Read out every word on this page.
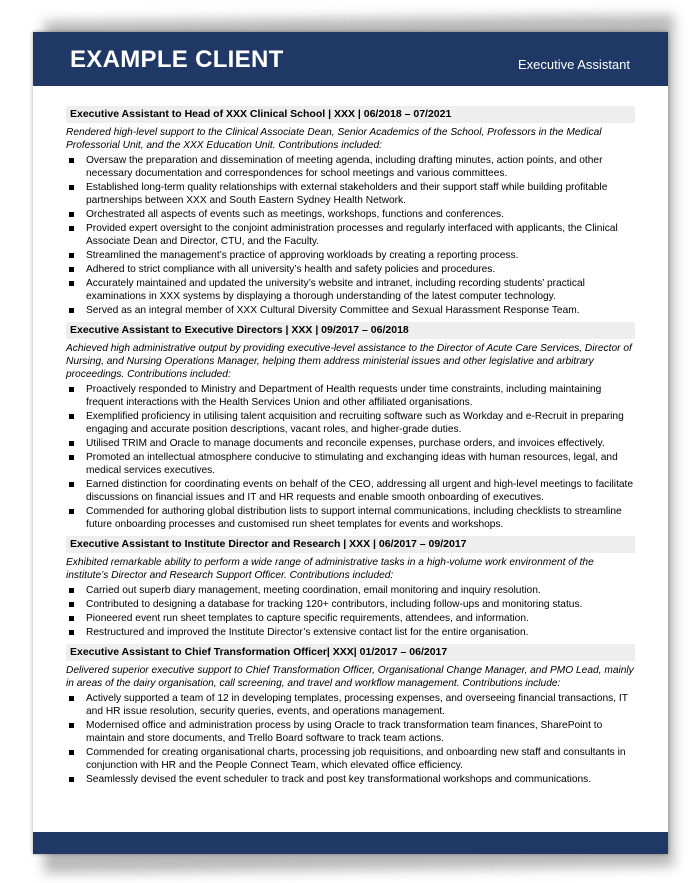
EXAMPLE CLIENT	Executive Assistant
Executive Assistant to Head of XXX Clinical School | XXX | 06/2018 – 07/2021
Rendered high-level support to the Clinical Associate Dean, Senior Academics of the School, Professors in the Medical Professorial Unit, and the XXX Education Unit. Contributions included:
Oversaw the preparation and dissemination of meeting agenda, including drafting minutes, action points, and other necessary documentation and correspondences for school meetings and various committees.
Established long-term quality relationships with external stakeholders and their support staff while building profitable partnerships between XXX and South Eastern Sydney Health Network.
Orchestrated all aspects of events such as meetings, workshops, functions and conferences.
Provided expert oversight to the conjoint administration processes and regularly interfaced with applicants, the Clinical Associate Dean and Director, CTU, and the Faculty.
Streamlined the management’s practice of approving workloads by creating a reporting process.
Adhered to strict compliance with all university’s health and safety policies and procedures.
Accurately maintained and updated the university’s website and intranet, including recording students’ practical examinations in XXX systems by displaying a thorough understanding of the latest computer technology.
Served as an integral member of XXX Cultural Diversity Committee and Sexual Harassment Response Team.
Executive Assistant to Executive Directors | XXX | 09/2017 – 06/2018
Achieved high administrative output by providing executive-level assistance to the Director of Acute Care Services, Director of Nursing, and Nursing Operations Manager, helping them address ministerial issues and other legislative and arbitrary proceedings. Contributions included:
Proactively responded to Ministry and Department of Health requests under time constraints, including maintaining frequent interactions with the Health Services Union and other affiliated organisations.
Exemplified proficiency in utilising talent acquisition and recruiting software such as Workday and e-Recruit in preparing engaging and accurate position descriptions, vacant roles, and higher-grade duties.
Utilised TRIM and Oracle to manage documents and reconcile expenses, purchase orders, and invoices effectively.
Promoted an intellectual atmosphere conducive to stimulating and exchanging ideas with human resources, legal, and medical services executives.
Earned distinction for coordinating events on behalf of the CEO, addressing all urgent and high-level meetings to facilitate discussions on financial issues and IT and HR requests and enable smooth onboarding of executives.
Commended for authoring global distribution lists to support internal communications, including checklists to streamline future onboarding processes and customised run sheet templates for events and workshops.
Executive Assistant to Institute Director and Research | XXX | 06/2017 – 09/2017
Exhibited remarkable ability to perform a wide range of administrative tasks in a high-volume work environment of the institute’s Director and Research Support Officer. Contributions included:
Carried out superb diary management, meeting coordination, email monitoring and inquiry resolution.
Contributed to designing a database for tracking 120+ contributors, including follow-ups and monitoring status.
Pioneered event run sheet templates to capture specific requirements, attendees, and information.
Restructured and improved the Institute Director’s extensive contact list for the entire organisation.
Executive Assistant to Chief Transformation Officer| XXX| 01/2017 – 06/2017
Delivered superior executive support to Chief Transformation Officer, Organisational Change Manager, and PMO Lead, mainly in areas of the dairy organisation, call screening, and travel and workflow management. Contributions include:
Actively supported a team of 12 in developing templates, processing expenses, and overseeing financial transactions, IT and HR issue resolution, security queries, events, and operations management.
Modernised office and administration process by using Oracle to track transformation team finances, SharePoint to maintain and store documents, and Trello Board software to track team actions.
Commended for creating organisational charts, processing job requisitions, and onboarding new staff and consultants in conjunction with HR and the People Connect Team, which elevated office efficiency.
Seamlessly devised the event scheduler to track and post key transformational workshops and communications.
